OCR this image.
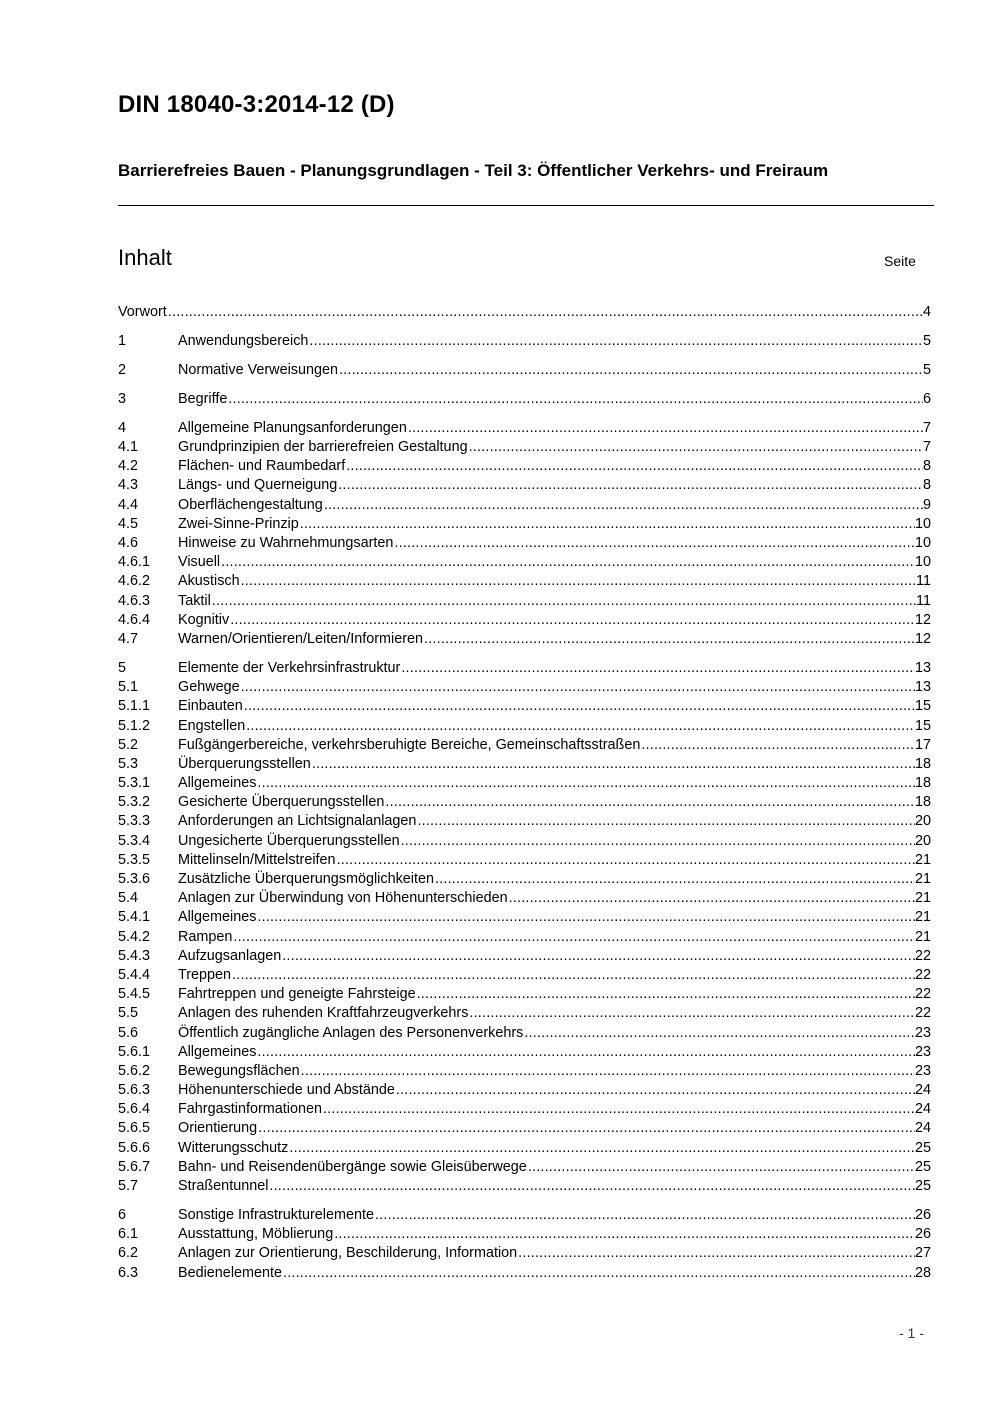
DIN 18040-3:2014-12 (D)
Barrierefreies Bauen - Planungsgrundlagen - Teil 3: Öffentlicher Verkehrs- und Freiraum
Inhalt	Seite
Vorwort .....	4
1	Anwendungsbereich .....	5
2	Normative Verweisungen .....	5
3	Begriffe .....	6
4	Allgemeine Planungsanforderungen .....	7
4.1	Grundprinzipien der barrierefreien Gestaltung .....	7
4.2	Flächen- und Raumbedarf .....	8
4.3	Längs- und Querneigung .....	8
4.4	Oberflächengestaltung .....	9
4.5	Zwei-Sinne-Prinzip .....	10
4.6	Hinweise zu Wahrnehmungsarten .....	10
4.6.1	Visuell .....	10
4.6.2	Akustisch .....	11
4.6.3	Taktil .....	11
4.6.4	Kognitiv .....	12
4.7	Warnen/Orientieren/Leiten/Informieren .....	12
5	Elemente der Verkehrsinfrastruktur .....	13
5.1	Gehwege .....	13
5.1.1	Einbauten .....	15
5.1.2	Engstellen .....	15
5.2	Fußgängerbereiche, verkehrsberuhigte Bereiche, Gemeinschaftsstraßen .....	17
5.3	Überquerungsstellen .....	18
5.3.1	Allgemeines .....	18
5.3.2	Gesicherte Überquerungsstellen .....	18
5.3.3	Anforderungen an Lichtsignalanlagen .....	20
5.3.4	Ungesicherte Überquerungsstellen .....	20
5.3.5	Mittelinseln/Mittelstreifen .....	21
5.3.6	Zusätzliche Überquerungsmöglichkeiten .....	21
5.4	Anlagen zur Überwindung von Höhenunterschieden .....	21
5.4.1	Allgemeines .....	21
5.4.2	Rampen .....	21
5.4.3	Aufzugsanlagen .....	22
5.4.4	Treppen .....	22
5.4.5	Fahrtreppen und geneigte Fahrsteige .....	22
5.5	Anlagen des ruhenden Kraftfahrzeugverkehrs .....	22
5.6	Öffentlich zugängliche Anlagen des Personenverkehrs .....	23
5.6.1	Allgemeines .....	23
5.6.2	Bewegungsflächen .....	23
5.6.3	Höhenunterschiede und Abstände .....	24
5.6.4	Fahrgastinformationen .....	24
5.6.5	Orientierung .....	24
5.6.6	Witterungsschutz .....	25
5.6.7	Bahn- und Reisendenübergänge sowie Gleisüberwege .....	25
5.7	Straßentunnel .....	25
6	Sonstige Infrastrukturelemente .....	26
6.1	Ausstattung, Möblierung .....	26
6.2	Anlagen zur Orientierung, Beschilderung, Information .....	27
6.3	Bedienelemente .....	28
- 1 -
